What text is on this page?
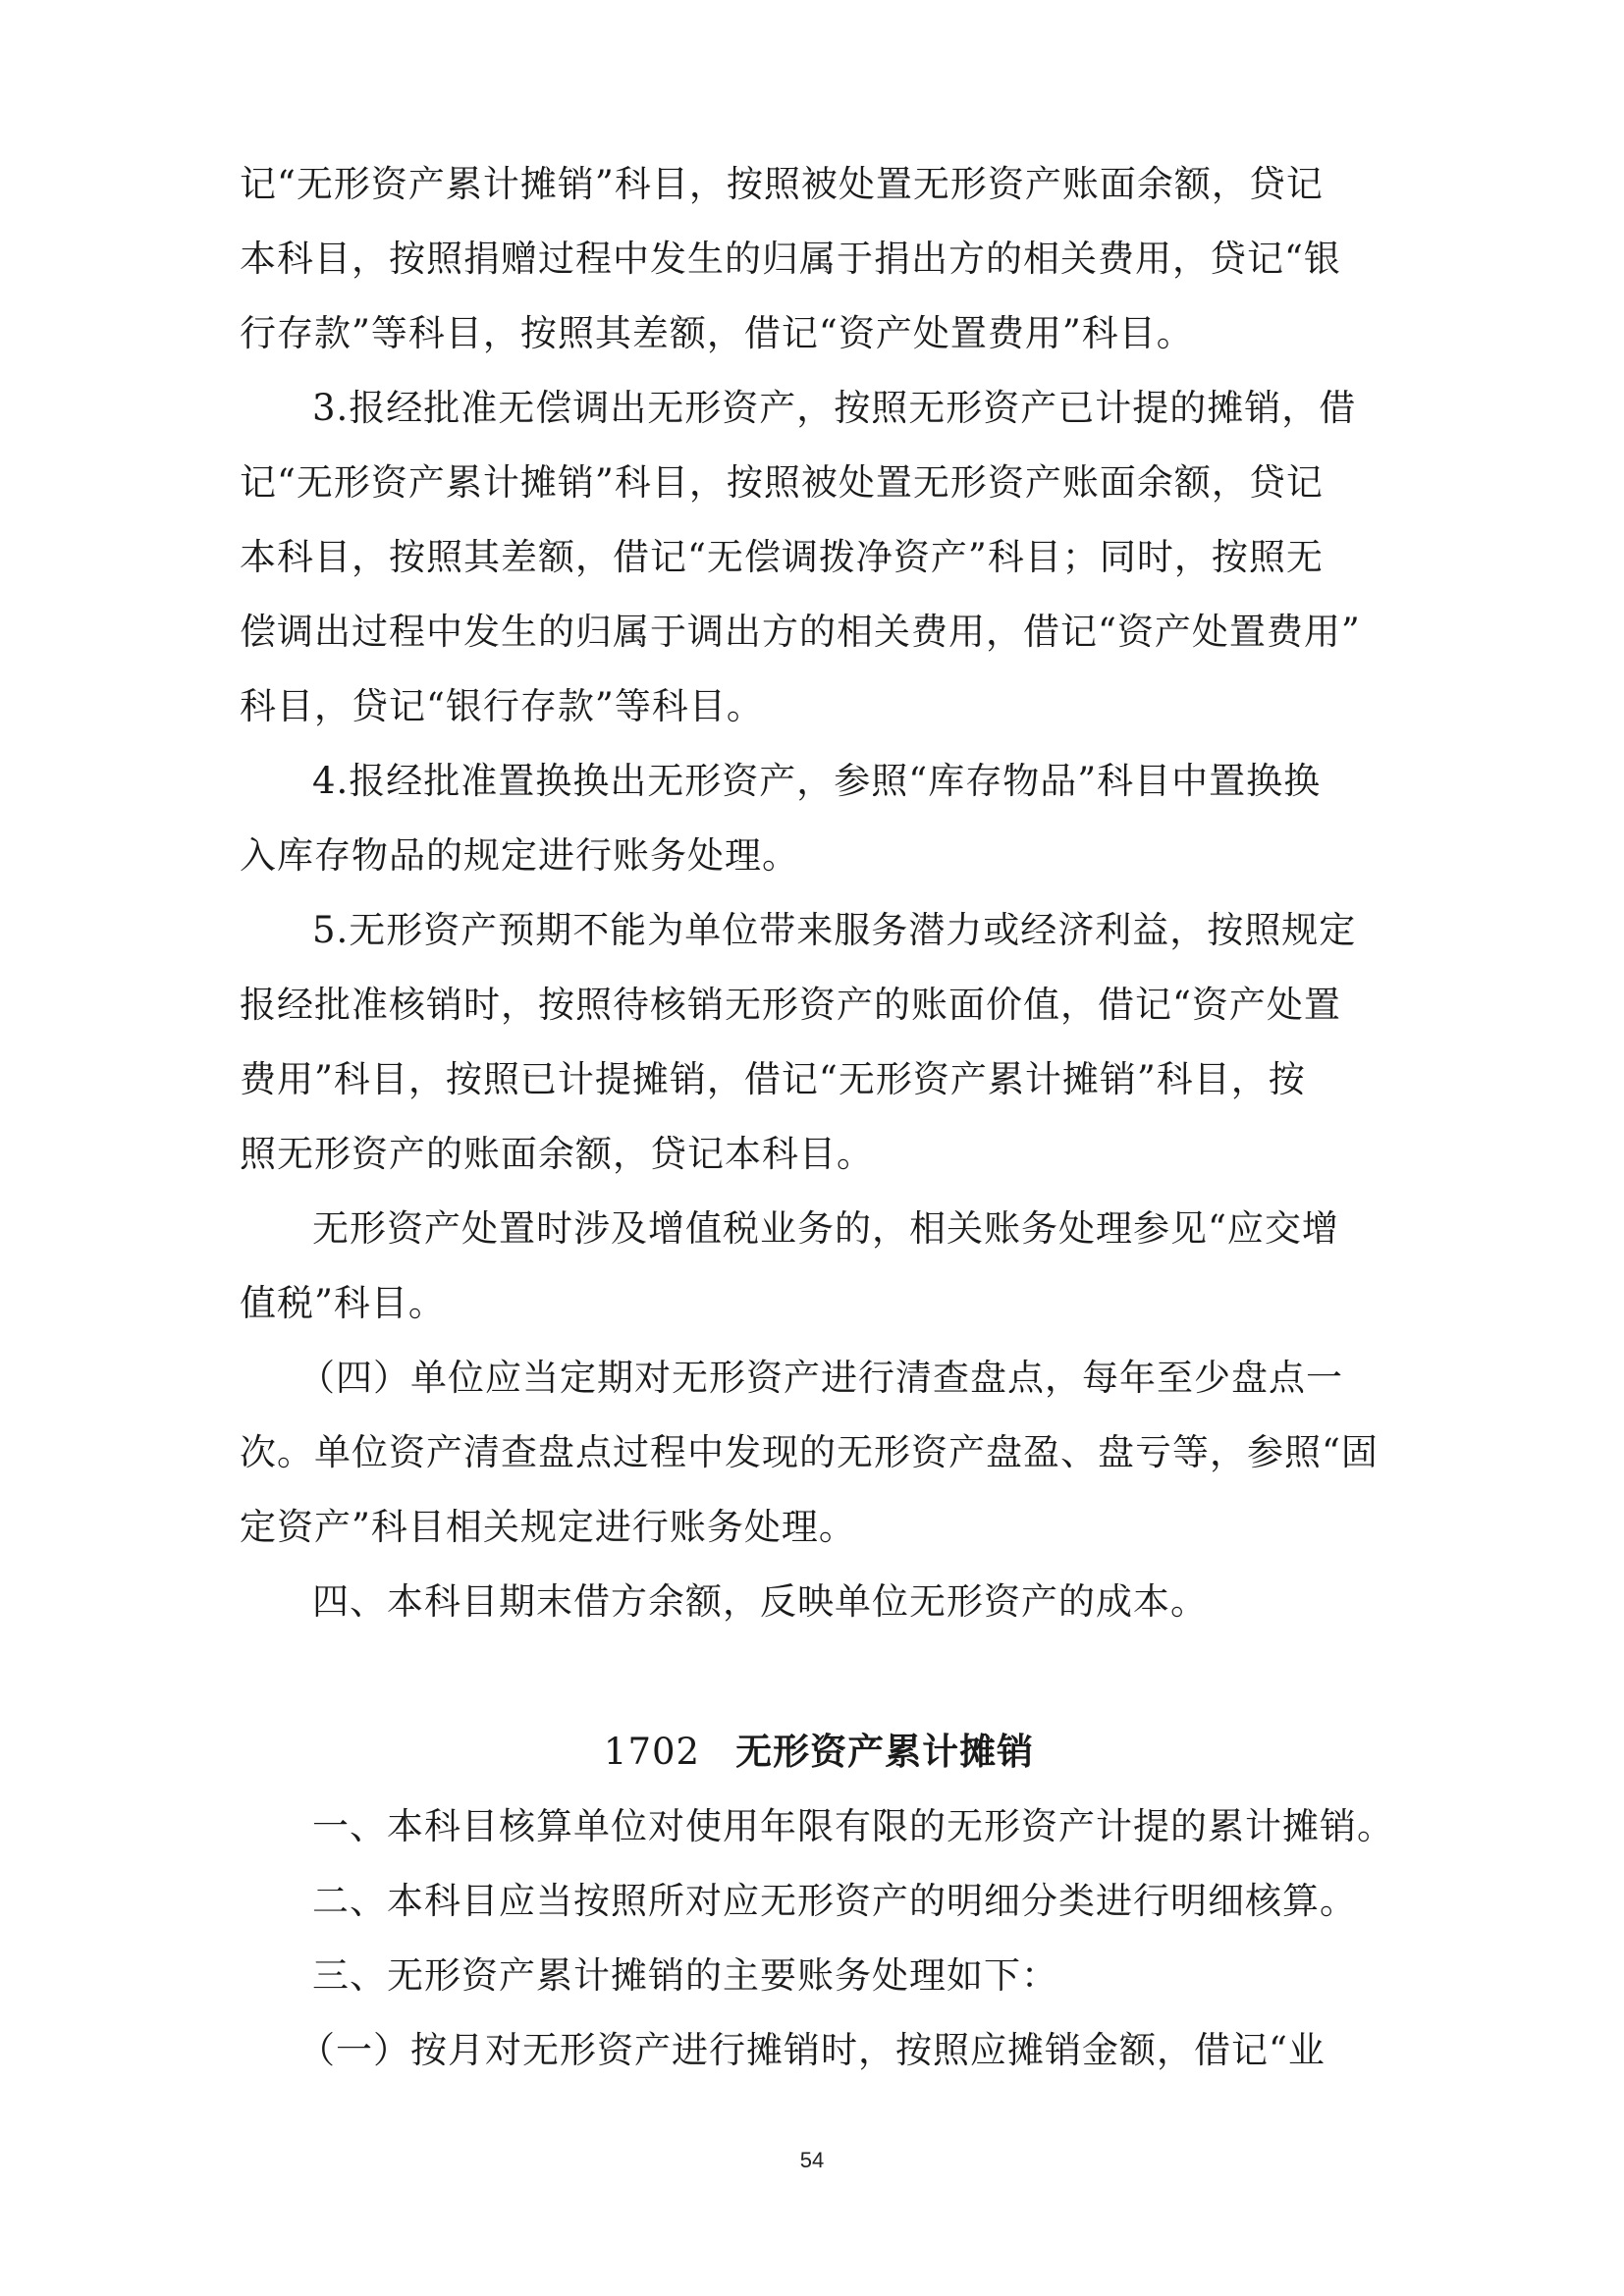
记“无形资产累计摊销”科目，按照被处置无形资产账面余额，贷记
本科目，按照捐赠过程中发生的归属于捐出方的相关费用，贷记“银
行存款”等科目，按照其差额，借记“资产处置费用”科目。

3.报经批准无偿调出无形资产，按照无形资产已计提的摊销，借
记“无形资产累计摊销”科目，按照被处置无形资产账面余额，贷记
本科目，按照其差额，借记“无偿调拨净资产”科目；同时，按照无
偿调出过程中发生的归属于调出方的相关费用，借记“资产处置费用”
科目，贷记“银行存款”等科目。

4.报经批准置换换出无形资产，参照“库存物品”科目中置换换
入库存物品的规定进行账务处理。

5.无形资产预期不能为单位带来服务潜力或经济利益，按照规定
报经批准核销时，按照待核销无形资产的账面价值，借记“资产处置
费用”科目，按照已计提摊销，借记“无形资产累计摊销”科目，按
照无形资产的账面余额，贷记本科目。

无形资产处置时涉及增值税业务的，相关账务处理参见“应交增
值税”科目。

（四）单位应当定期对无形资产进行清查盘点，每年至少盘点一
次。单位资产清查盘点过程中发现的无形资产盘盈、盘亏等，参照“固
定资产”科目相关规定进行账务处理。

四、本科目期末借方余额，反映单位无形资产的成本。

1702 无形资产累计摊销

一、本科目核算单位对使用年限有限的无形资产计提的累计摊销。

二、本科目应当按照所对应无形资产的明细分类进行明细核算。

三、无形资产累计摊销的主要账务处理如下：

（一）按月对无形资产进行摊销时，按照应摊销金额，借记“业

54
